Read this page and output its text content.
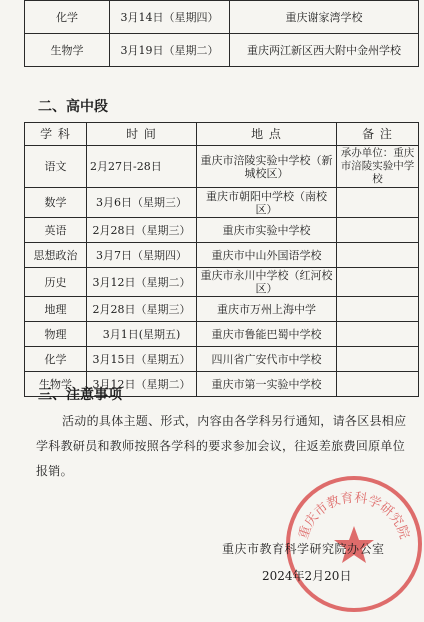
化学	3月14日（星期四）	重庆谢家湾学校
生物学	3月19日（星期二）	重庆两江新区西大附中金州学校
二、高中段
学 科	时 间	地 点	备 注
语文	2月27日-28日	重庆市涪陵实验中学校（新城校区）	承办单位：重庆市涪陵实验中学校
数学	3月6日（星期三）	重庆市朝阳中学校（南校区）	
英语	2月28日（星期三）	重庆市实验中学校	
思想政治	3月7日（星期四）	重庆市中山外国语学校	
历史	3月12日（星期二）	重庆市永川中学校（红河校区）	
地理	2月28日（星期三）	重庆市万州上海中学	
物理	3月1日(星期五)	重庆市鲁能巴蜀中学校	
化学	3月15日（星期五）	四川省广安代市中学校	
生物学	3月12日（星期二）	重庆市第一实验中学校	
三、注意事项
活动的具体主题、形式，内容由各学科另行通知，请各区县相应学科教研员和教师按照各学科的要求参加会议，往返差旅费回原单位报销。
重庆市教育科学研究院
重庆市教育科学研究院办公室
2024年2月20日
